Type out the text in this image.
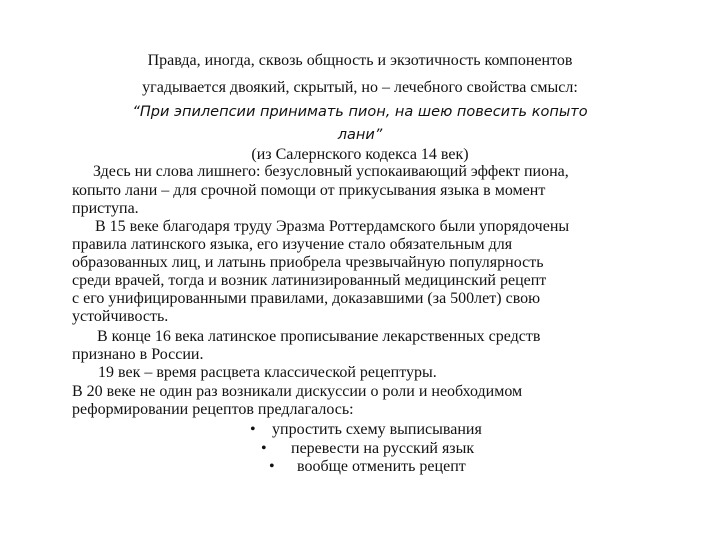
Правда, иногда, сквозь общность и экзотичность компонентов
угадывается двоякий, скрытый, но – лечебного свойства смысл:
“При эпилепсии принимать пион, на шею повесить копыто
лани”
(из Салернского кодекса 14 век)
Здесь ни слова лишнего: безусловный успокаивающий эффект пиона,
копыто лани – для срочной помощи от прикусывания языка в момент
приступа.
В 15 веке благодаря труду Эразма Роттердамского были упорядочены
правила латинского языка, его изучение стало обязательным для
образованных лиц, и латынь приобрела чрезвычайную популярность
среди врачей, тогда и возник латинизированный медицинский рецепт
с его унифицированными правилами, доказавшими (за 500лет) свою
устойчивость.
В конце 16 века латинское прописывание лекарственных средств
признано в России.
19 век – время расцвета классической рецептуры.
В 20 веке не один раз возникали дискуссии о роли и необходимом
реформировании рецептов предлагалось:
• упростить схему выписывания
• перевести на русский язык
• вообще отменить рецепт
